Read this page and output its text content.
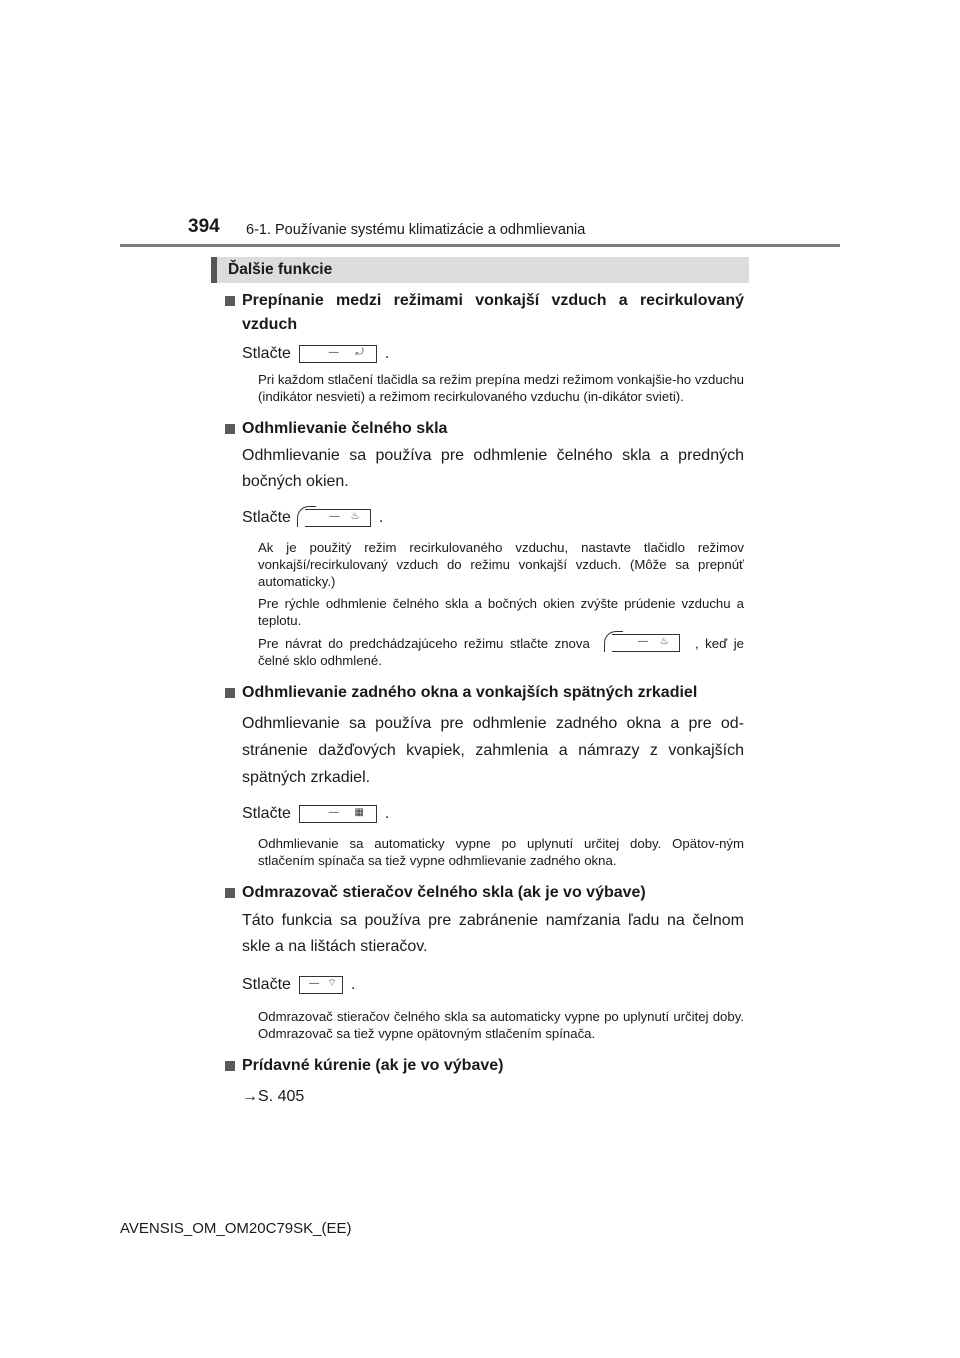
394 6-1. Používanie systému klimatizácie a odhmlievania
Ďalšie funkcie
Prepínanie medzi režimami vonkajší vzduch a recirkulovaný vzduch
Stlačte	— ⤾ .
Pri každom stlačení tlačidla sa režim prepína medzi režimom vonkajšie-ho vzduchu (indikátor nesvieti) a režimom recirkulovaného vzduchu (in-dikátor svieti).
Odhmlievanie čelného skla
Odhmlievanie sa používa pre odhmlenie čelného skla a predných bočných okien.
Stlačte	— ♨ .
Ak je použitý režim recirkulovaného vzduchu, nastavte tlačidlo režimov vonkajší/recirkulovaný vzduch do režimu vonkajší vzduch. (Môže sa prepnúť automaticky.)
Pre rýchle odhmlenie čelného skla a bočných okien zvýšte prúdenie vzduchu a teplotu.
Pre návrat do predchádzajúceho režimu stlačte znova	— ♨ , keď je čelné sklo odhmlené.
Odhmlievanie zadného okna a vonkajších spätných zrkadiel
Odhmlievanie sa používa pre odhmlenie zadného okna a pre od-stránenie dažďových kvapiek, zahmlenia a námrazy z vonkajších spätných zrkadiel.
Stlačte	— ▦ .
Odhmlievanie sa automaticky vypne po uplynutí určitej doby. Opätov-ným stlačením spínača sa tiež vypne odhmlievanie zadného okna.
Odmrazovač stieračov čelného skla (ak je vo výbave)
Táto funkcia sa používa pre zabránenie namŕzania ľadu na čelnom skle a na lištách stieračov.
Stlačte — ⌔ .
Odmrazovač stieračov čelného skla sa automaticky vypne po uplynutí určitej doby. Odmrazovač sa tiež vypne opätovným stlačením spínača.
Prídavné kúrenie (ak je vo výbave)
→S. 405
AVENSIS_OM_OM20C79SK_(EE)
